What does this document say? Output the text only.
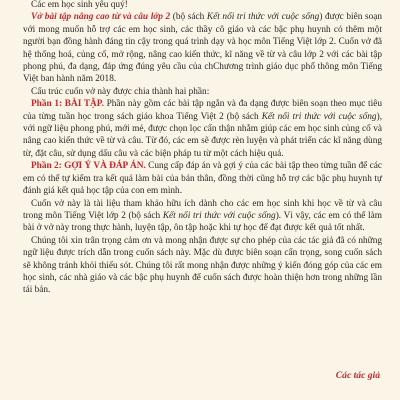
Các em học sinh yêu quý!

Vở bài tập nâng cao từ và câu lớp 2 (bộ sách Kết nối tri thức với cuộc sống) được biên soạn với mong muốn hỗ trợ các em học sinh, các thầy cô giáo và các bậc phụ huynh có thêm một người bạn đồng hành đáng tin cậy trong quá trình dạy và học môn Tiếng Việt lớp 2. Cuốn vở đã hệ thống hoá, củng cố, mở rộng, nâng cao kiến thức, kĩ năng về từ và câu lớp 2 với các bài tập phong phú, đa dạng, đáp ứng đúng yêu cầu của chChương trình giáo dục phổ thông môn Tiếng Việt ban hành năm 2018.

Cấu trúc cuốn vở này được chia thành hai phần:

Phần 1: BÀI TẬP. Phần này gồm các bài tập ngắn và đa dạng được biên soạn theo mục tiêu của từng tuần học trong sách giáo khoa Tiếng Việt 2 (bộ sách Kết nối tri thức với cuộc sống), với ngữ liệu phong phú, mới mẻ, được chọn lọc cẩn thận nhằm giúp các em học sinh củng cố và nâng cao kiến thức về từ và câu. Từ đó, các em sẽ được rèn luyện và phát triển các kĩ năng dùng từ, đặt câu, sử dụng dấu câu và các biện pháp tu từ một cách hiệu quả.

Phần 2: GỢI Ý VÀ ĐÁP ÁN. Cung cấp đáp án và gợi ý của các bài tập theo từng tuần để các em có thể tự kiểm tra kết quả làm bài của bản thân, đồng thời cũng hỗ trợ các bậc phụ huynh tự đánh giá kết quả học tập của con em mình.

Cuốn vở này là tài liệu tham khảo hữu ích dành cho các em học sinh khi học về từ và câu trong môn Tiếng Việt lớp 2 (bộ sách Kết nối tri thức với cuộc sống). Vì vậy, các em có thể làm bài ở vở này trong thực hành, luyện tập, ôn tập hoặc khi tự học để đạt được kết quả tốt nhất.

Chúng tôi xin trân trọng cảm ơn và mong nhận được sự cho phép của các tác giả đã có những ngữ liệu được trích dẫn trong cuốn sách này. Mặc dù được biên soạn cẩn trọng, song cuốn sách sẽ không tránh khỏi thiếu sót. Chúng tôi rất mong nhận được những ý kiến đóng góp của các em học sinh, các nhà giáo và các bậc phụ huynh để cuốn sách được hoàn thiện hơn trong những lần tái bản.

Các tác giả
